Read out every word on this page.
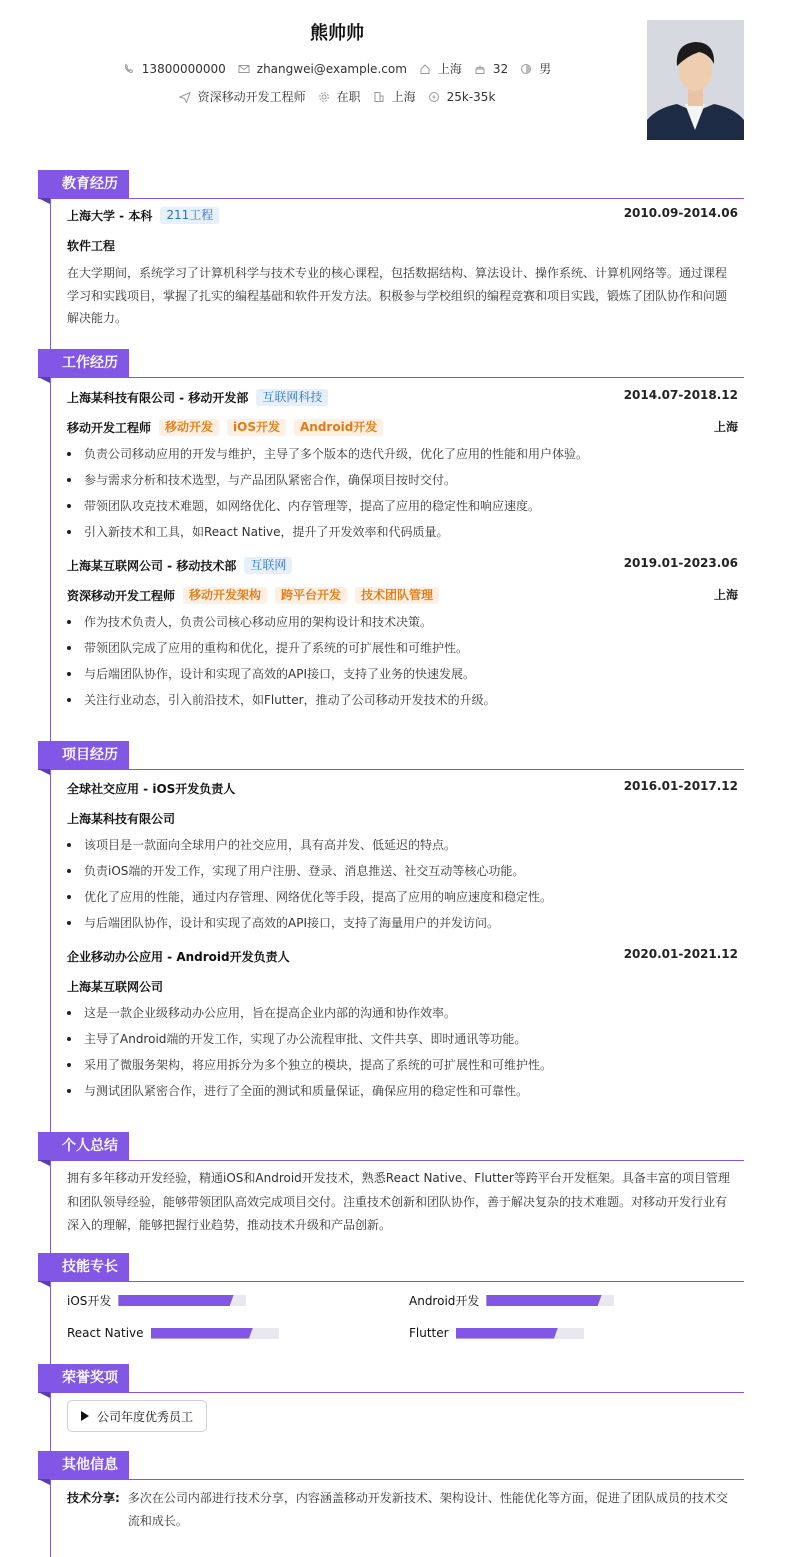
熊帅帅
13800000000	zhangwei@example.com	上海	32	男
资深移动开发工程师	在职	上海	25k-35k
教育经历
上海大学 - 本科	211工程	2010.09-2014.06
软件工程
在大学期间，系统学习了计算机科学与技术专业的核心课程，包括数据结构、算法设计、操作系统、计算机网络等。通过课程学习和实践项目，掌握了扎实的编程基础和软件开发方法。积极参与学校组织的编程竞赛和项目实践，锻炼了团队协作和问题解决能力。
工作经历
上海某科技有限公司 - 移动开发部	互联网科技	2014.07-2018.12
移动开发工程师	移动开发	iOS开发	Android开发	上海
负责公司移动应用的开发与维护，主导了多个版本的迭代升级，优化了应用的性能和用户体验。
参与需求分析和技术选型，与产品团队紧密合作，确保项目按时交付。
带领团队攻克技术难题，如网络优化、内存管理等，提高了应用的稳定性和响应速度。
引入新技术和工具，如React Native，提升了开发效率和代码质量。
上海某互联网公司 - 移动技术部	互联网	2019.01-2023.06
资深移动开发工程师	移动开发架构	跨平台开发	技术团队管理	上海
作为技术负责人，负责公司核心移动应用的架构设计和技术决策。
带领团队完成了应用的重构和优化，提升了系统的可扩展性和可维护性。
与后端团队协作，设计和实现了高效的API接口，支持了业务的快速发展。
关注行业动态，引入前沿技术，如Flutter，推动了公司移动开发技术的升级。
项目经历
全球社交应用 - iOS开发负责人	2016.01-2017.12
上海某科技有限公司
该项目是一款面向全球用户的社交应用，具有高并发、低延迟的特点。
负责iOS端的开发工作，实现了用户注册、登录、消息推送、社交互动等核心功能。
优化了应用的性能，通过内存管理、网络优化等手段，提高了应用的响应速度和稳定性。
与后端团队协作，设计和实现了高效的API接口，支持了海量用户的并发访问。
企业移动办公应用 - Android开发负责人	2020.01-2021.12
上海某互联网公司
这是一款企业级移动办公应用，旨在提高企业内部的沟通和协作效率。
主导了Android端的开发工作，实现了办公流程审批、文件共享、即时通讯等功能。
采用了微服务架构，将应用拆分为多个独立的模块，提高了系统的可扩展性和可维护性。
与测试团队紧密合作，进行了全面的测试和质量保证，确保应用的稳定性和可靠性。
个人总结
拥有多年移动开发经验，精通iOS和Android开发技术，熟悉React Native、Flutter等跨平台开发框架。具备丰富的项目管理和团队领导经验，能够带领团队高效完成项目交付。注重技术创新和团队协作，善于解决复杂的技术难题。对移动开发行业有深入的理解，能够把握行业趋势，推动技术升级和产品创新。
技能专长
iOS开发	Android开发
React Native	Flutter
荣誉奖项
公司年度优秀员工
其他信息
技术分享: 多次在公司内部进行技术分享，内容涵盖移动开发新技术、架构设计、性能优化等方面，促进了团队成员的技术交流和成长。
